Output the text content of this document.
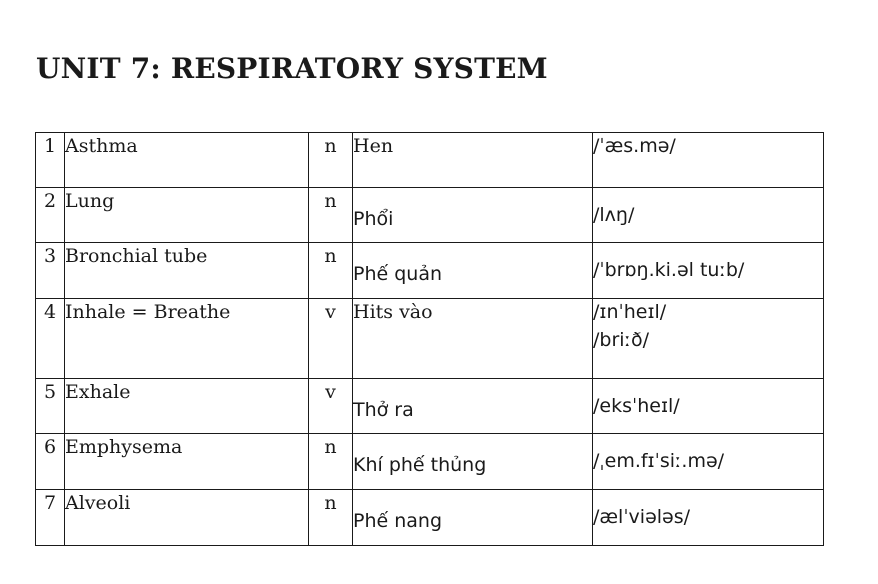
UNIT 7: RESPIRATORY SYSTEM
1	Asthma	n	Hen	/ˈæs.mə/

2	Lung	n	Phổi	/lʌŋ/

3	Bronchial tube	n	Phế quản	/ˈbrɒŋ.ki.əl tuːb/

4	Inhale = Breathe	v	Hits vào	/ɪnˈheɪl/
/briːð/

5	Exhale	v	Thở ra	/eksˈheɪl/

6	Emphysema	n	Khí phế thủng	/ˌem.fɪˈsiː.mə/

7	Alveoli	n	Phế nang	/ælˈviələs/
